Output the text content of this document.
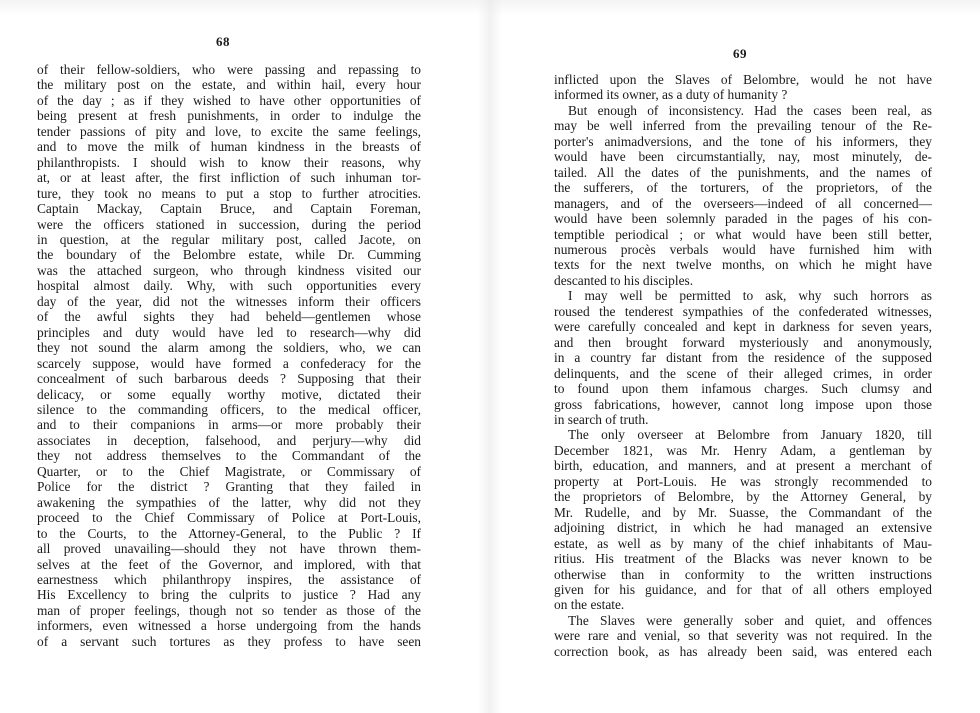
68
of their fellow-soldiers, who were passing and repassing to
the military post on the estate, and within hail, every hour
of the day ; as if they wished to have other opportunities of
being present at fresh punishments, in order to indulge the
tender passions of pity and love, to excite the same feelings,
and to move the milk of human kindness in the breasts of
philanthropists. I should wish to know their reasons, why
at, or at least after, the first infliction of such inhuman tor-
ture, they took no means to put a stop to further atrocities.
Captain Mackay, Captain Bruce, and Captain Foreman,
were the officers stationed in succession, during the period
in question, at the regular military post, called Jacote, on
the boundary of the Belombre estate, while Dr. Cumming
was the attached surgeon, who through kindness visited our
hospital almost daily. Why, with such opportunities every
day of the year, did not the witnesses inform their officers
of the awful sights they had beheld—gentlemen whose
principles and duty would have led to research—why did
they not sound the alarm among the soldiers, who, we can
scarcely suppose, would have formed a confederacy for the
concealment of such barbarous deeds ? Supposing that their
delicacy, or some equally worthy motive, dictated their
silence to the commanding officers, to the medical officer,
and to their companions in arms—or more probably their
associates in deception, falsehood, and perjury—why did
they not address themselves to the Commandant of the
Quarter, or to the Chief Magistrate, or Commissary of
Police for the district ? Granting that they failed in
awakening the sympathies of the latter, why did not they
proceed to the Chief Commissary of Police at Port-Louis,
to the Courts, to the Attorney-General, to the Public ? If
all proved unavailing—should they not have thrown them-
selves at the feet of the Governor, and implored, with that
earnestness which philanthropy inspires, the assistance of
His Excellency to bring the culprits to justice ? Had any
man of proper feelings, though not so tender as those of the
informers, even witnessed a horse undergoing from the hands
of a servant such tortures as they profess to have seen
69
inflicted upon the Slaves of Belombre, would he not have
informed its owner, as a duty of humanity ?
But enough of inconsistency. Had the cases been real, as
may be well inferred from the prevailing tenour of the Re-
porter's animadversions, and the tone of his informers, they
would have been circumstantially, nay, most minutely, de-
tailed. All the dates of the punishments, and the names of
the sufferers, of the torturers, of the proprietors, of the
managers, and of the overseers—indeed of all concerned—
would have been solemnly paraded in the pages of his con-
temptible periodical ; or what would have been still better,
numerous procès verbals would have furnished him with
texts for the next twelve months, on which he might have
descanted to his disciples.
I may well be permitted to ask, why such horrors as
roused the tenderest sympathies of the confederated witnesses,
were carefully concealed and kept in darkness for seven years,
and then brought forward mysteriously and anonymously,
in a country far distant from the residence of the supposed
delinquents, and the scene of their alleged crimes, in order
to found upon them infamous charges. Such clumsy and
gross fabrications, however, cannot long impose upon those
in search of truth.
The only overseer at Belombre from January 1820, till
December 1821, was Mr. Henry Adam, a gentleman by
birth, education, and manners, and at present a merchant of
property at Port-Louis. He was strongly recommended to
the proprietors of Belombre, by the Attorney General, by
Mr. Rudelle, and by Mr. Suasse, the Commandant of the
adjoining district, in which he had managed an extensive
estate, as well as by many of the chief inhabitants of Mau-
ritius. His treatment of the Blacks was never known to be
otherwise than in conformity to the written instructions
given for his guidance, and for that of all others employed
on the estate.
The Slaves were generally sober and quiet, and offences
were rare and venial, so that severity was not required. In the
correction book, as has already been said, was entered each
